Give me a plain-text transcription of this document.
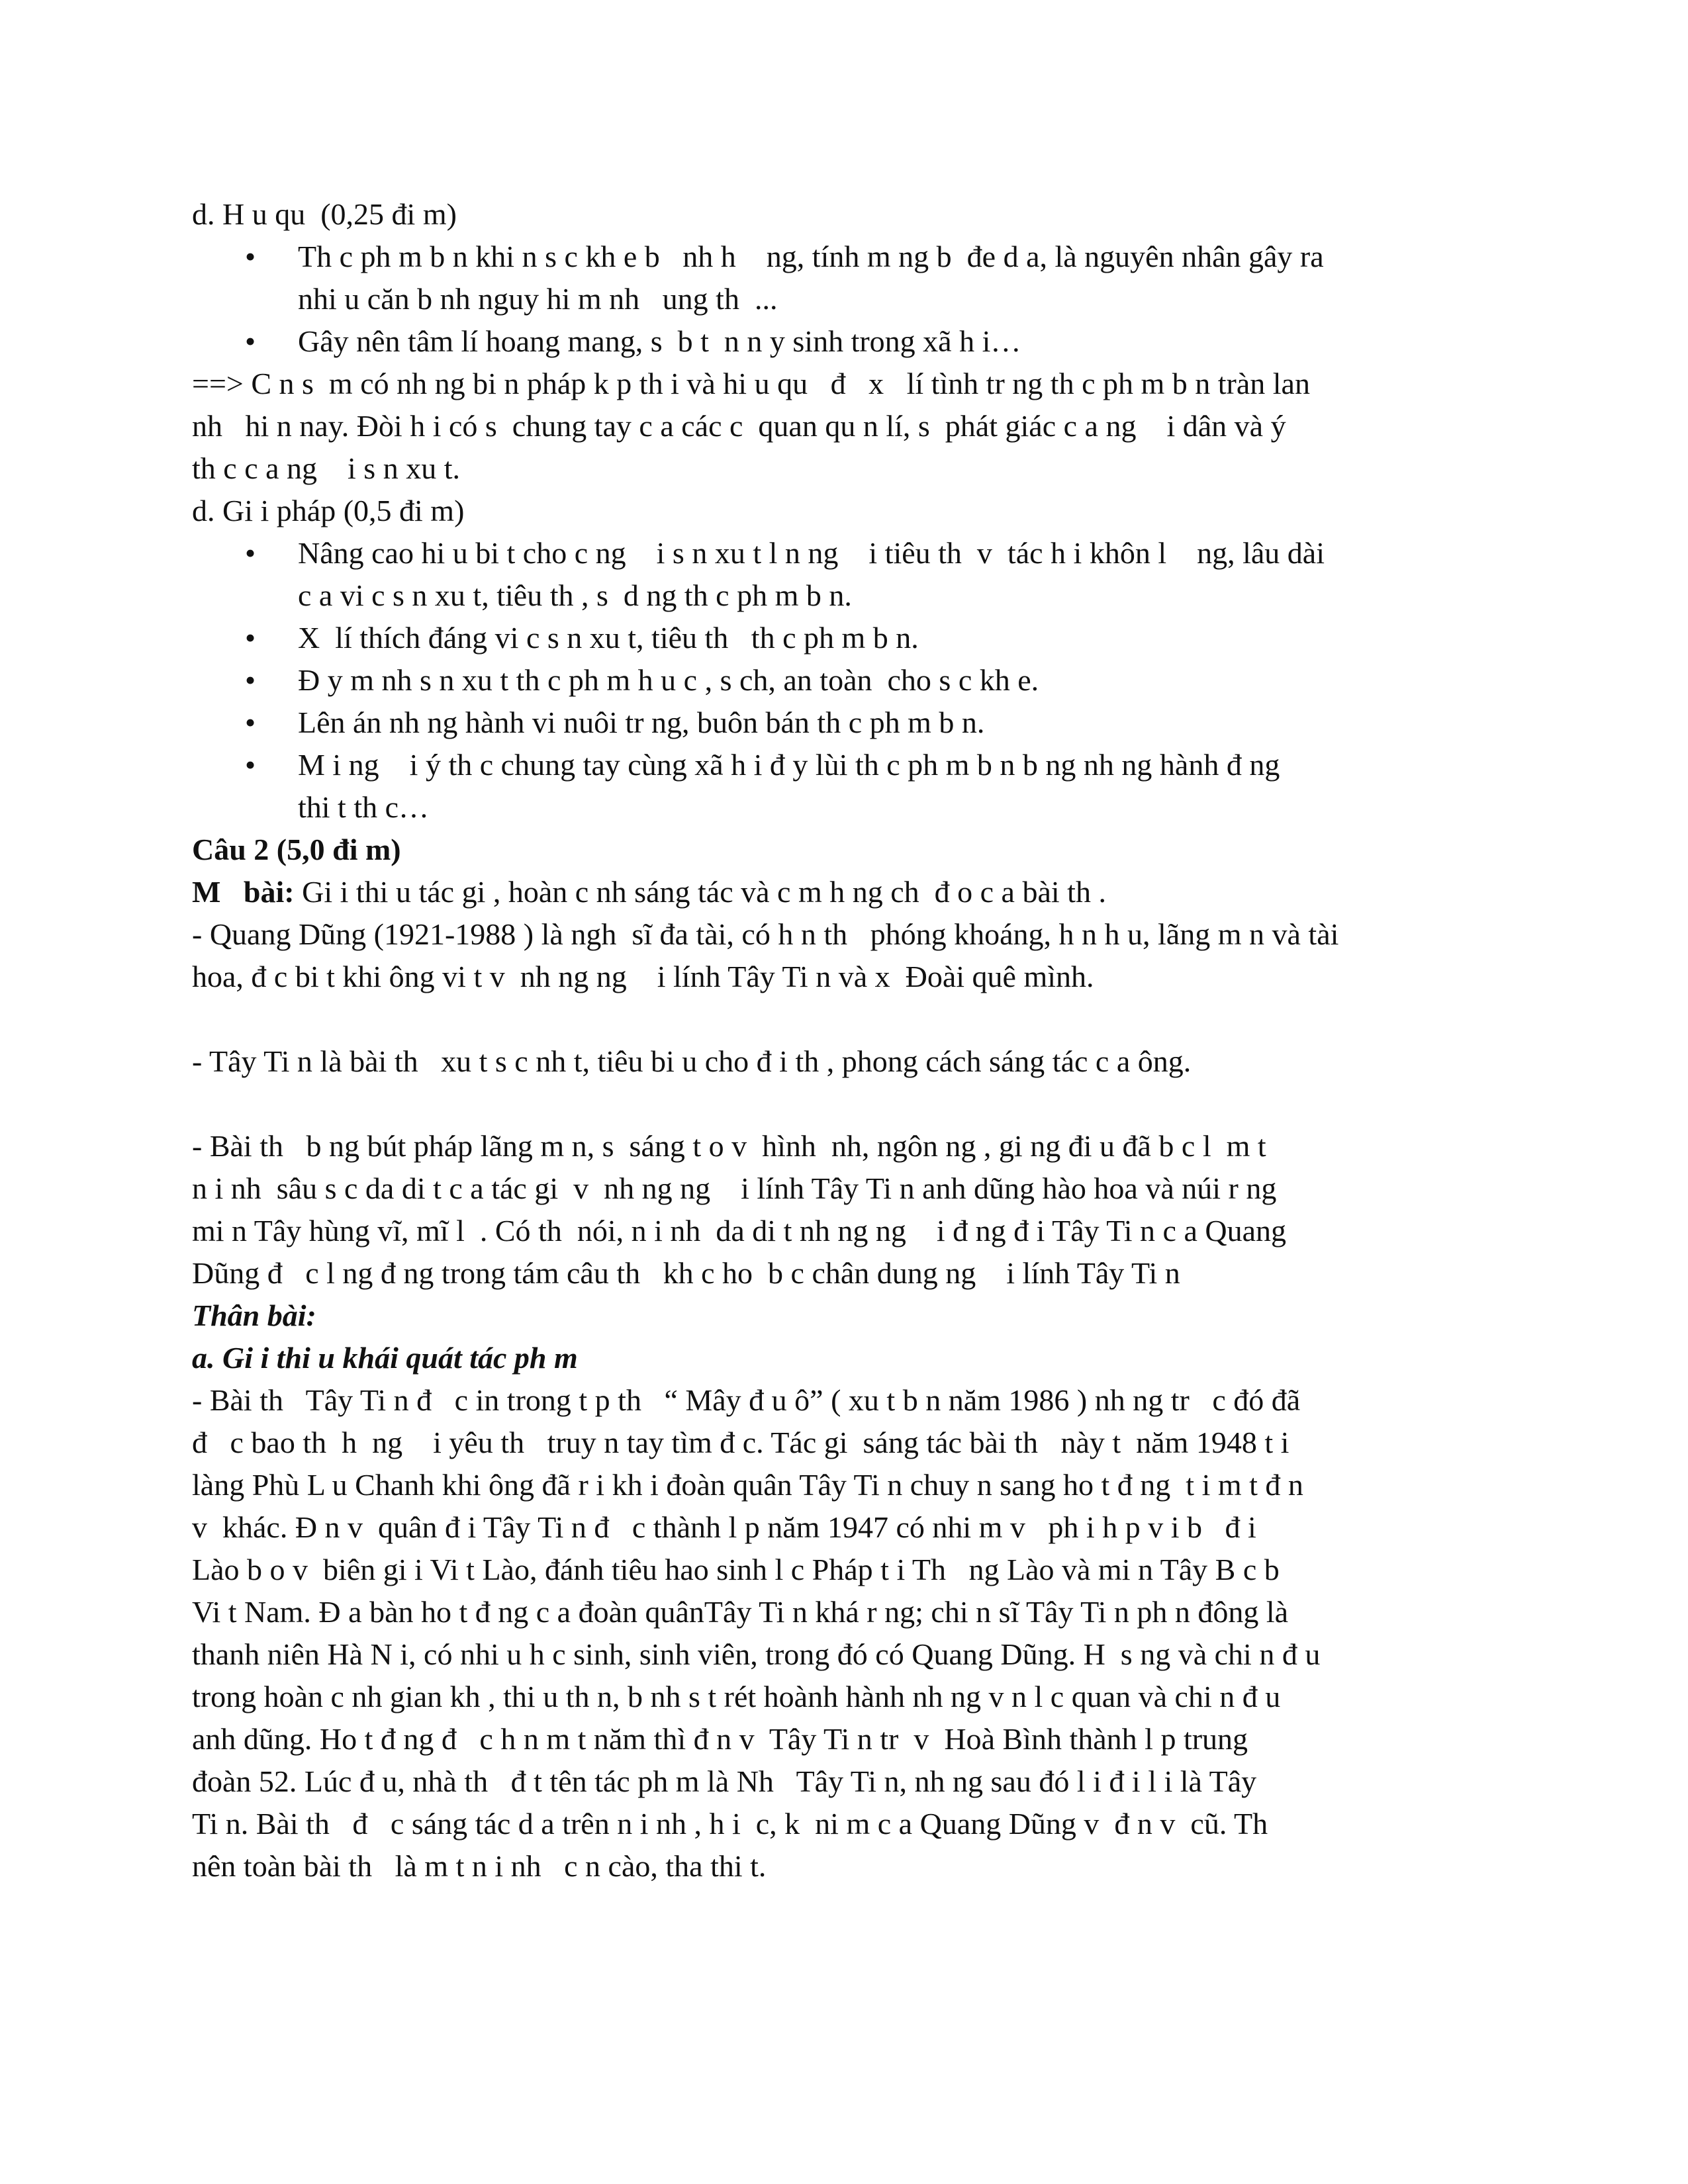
d. H u qu  (0,25 đi m)
• Th c ph m b n khi n s c kh e b   nh h    ng, tính m ng b  đe d a, là nguyên nhân gây ra
nhi u căn b nh nguy hi m nh   ung th  ...
• Gây nên tâm lí hoang mang, s  b t  n n y sinh trong xã h i…
==> C n s  m có nh ng bi n pháp k p th i và hi u qu   đ   x   lí tình tr ng th c ph m b n tràn lan
nh   hi n nay. Đòi h i có s  chung tay c a các c  quan qu n lí, s  phát giác c a ng    i dân và ý
th c c a ng    i s n xu t.
d. Gi i pháp (0,5 đi m)
• Nâng cao hi u bi t cho c ng    i s n xu t l n ng    i tiêu th  v  tác h i khôn l    ng, lâu dài
c a vi c s n xu t, tiêu th , s  d ng th c ph m b n.
• X  lí thích đáng vi c s n xu t, tiêu th   th c ph m b n.
• Đ y m nh s n xu t th c ph m h u c , s ch, an toàn  cho s c kh e.
• Lên án nh ng hành vi nuôi tr ng, buôn bán th c ph m b n.
• M i ng    i ý th c chung tay cùng xã h i đ y lùi th c ph m b n b ng nh ng hành đ ng
thi t th c…
Câu 2 (5,0 đi m)
M   bài: Gi i thi u tác gi , hoàn c nh sáng tác và c m h ng ch  đ o c a bài th .
- Quang Dũng (1921-1988 ) là ngh  sĩ đa tài, có h n th   phóng khoáng, h n h u, lãng m n và tài
hoa, đ c bi t khi ông vi t v  nh ng ng    i lính Tây Ti n và x  Đoài quê mình.
- Tây Ti n là bài th   xu t s c nh t, tiêu bi u cho đ i th , phong cách sáng tác c a ông.
- Bài th   b ng bút pháp lãng m n, s  sáng t o v  hình  nh, ngôn ng , gi ng đi u đã b c l  m t
n i nh  sâu s c da di t c a tác gi  v  nh ng ng    i lính Tây Ti n anh dũng hào hoa và núi r ng
mi n Tây hùng vĩ, mĩ l  . Có th  nói, n i nh  da di t nh ng ng    i đ ng đ i Tây Ti n c a Quang
Dũng đ   c l ng đ ng trong tám câu th   kh c ho  b c chân dung ng    i lính Tây Ti n
Thân bài:
a. Gi i thi u khái quát tác ph m
- Bài th   Tây Ti n đ   c in trong t p th   “ Mây đ u ô” ( xu t b n năm 1986 ) nh ng tr   c đó đã
đ   c bao th  h  ng    i yêu th   truy n tay tìm đ c. Tác gi  sáng tác bài th   này t  năm 1948 t i
làng Phù L u Chanh khi ông đã r i kh i đoàn quân Tây Ti n chuy n sang ho t đ ng  t i m t đ n
v  khác. Đ n v  quân đ i Tây Ti n đ   c thành l p năm 1947 có nhi m v   ph i h p v i b   đ i
Lào b o v  biên gi i Vi t Lào, đánh tiêu hao sinh l c Pháp t i Th   ng Lào và mi n Tây B c b
Vi t Nam. Đ a bàn ho t đ ng c a đoàn quânTây Ti n khá r ng; chi n sĩ Tây Ti n ph n đông là
thanh niên Hà N i, có nhi u h c sinh, sinh viên, trong đó có Quang Dũng. H  s ng và chi n đ u
trong hoàn c nh gian kh , thi u th n, b nh s t rét hoành hành nh ng v n l c quan và chi n đ u
anh dũng. Ho t đ ng đ   c h n m t năm thì đ n v  Tây Ti n tr  v  Hoà Bình thành l p trung
đoàn 52. Lúc đ u, nhà th   đ t tên tác ph m là Nh   Tây Ti n, nh ng sau đó l i đ i l i là Tây
Ti n. Bài th   đ   c sáng tác d a trên n i nh , h i  c, k  ni m c a Quang Dũng v  đ n v  cũ. Th
nên toàn bài th   là m t n i nh   c n cào, tha thi t.
